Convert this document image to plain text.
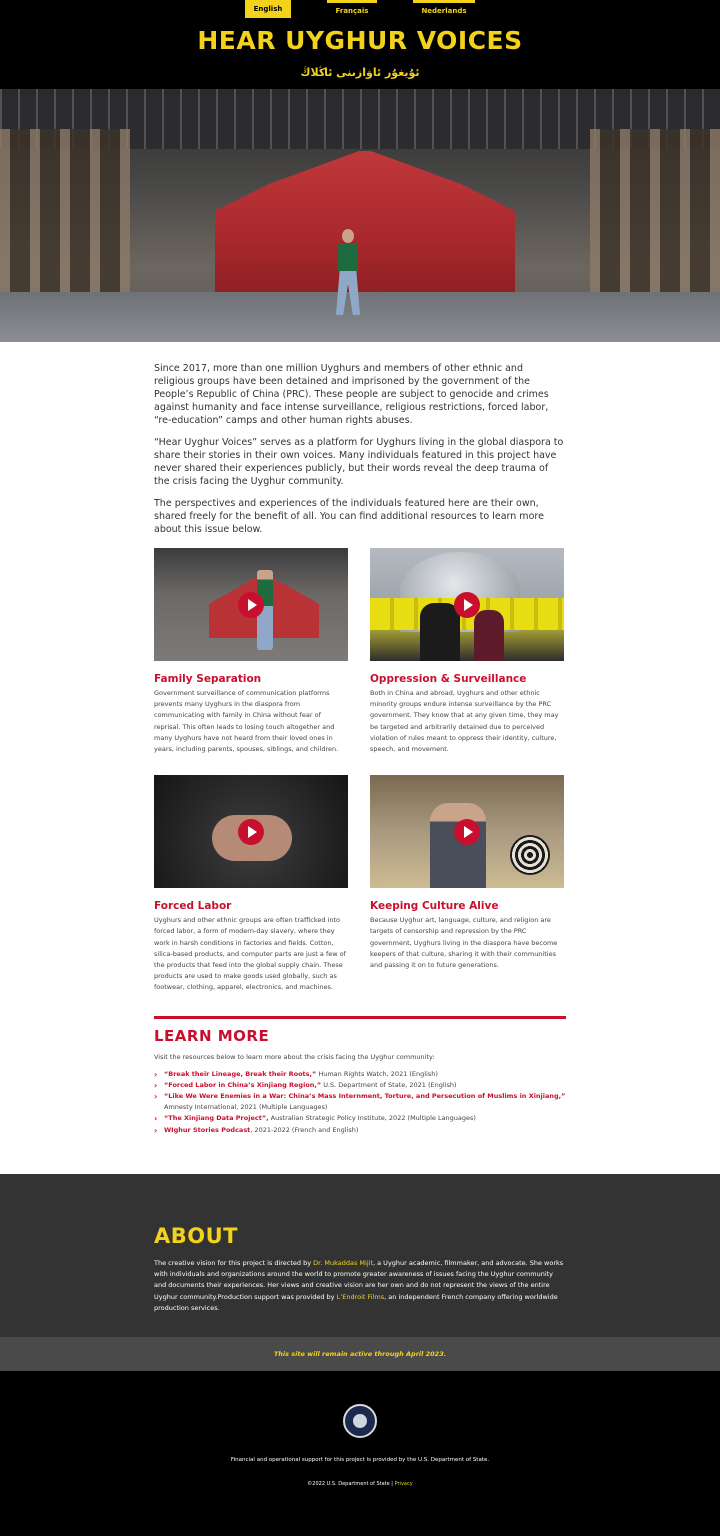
English	Français	Nederlands
HEAR UYGHUR VOICES
ئۇيغۇر ئاۋازىنى ئاڭلاڭ

Since 2017, more than one million Uyghurs and members of other ethnic and religious groups have been detained and imprisoned by the government of the People’s Republic of China (PRC). These people are subject to genocide and crimes against humanity and face intense surveillance, religious restrictions, forced labor, “re-education” camps and other human rights abuses.

“Hear Uyghur Voices” serves as a platform for Uyghurs living in the global diaspora to share their stories in their own voices. Many individuals featured in this project have never shared their experiences publicly, but their words reveal the deep trauma of the crisis facing the Uyghur community.

The perspectives and experiences of the individuals featured here are their own, shared freely for the benefit of all. You can find additional resources to learn more about this issue below.

Family Separation

Government surveillance of communication platforms prevents many Uyghurs in the diaspora from communicating with family in China without fear of reprisal. This often leads to losing touch altogether and many Uyghurs have not heard from their loved ones in years, including parents, spouses, siblings, and children.

Oppression & Surveillance

Both in China and abroad, Uyghurs and other ethnic minority groups endure intense surveillance by the PRC government. They know that at any given time, they may be targeted and arbitrarily detained due to perceived violation of rules meant to oppress their identity, culture, speech, and movement.

Forced Labor

Uyghurs and other ethnic groups are often trafficked into forced labor, a form of modern-day slavery, where they work in harsh conditions in factories and fields. Cotton, silica-based products, and computer parts are just a few of the products that feed into the global supply chain. These products are used to make goods used globally, such as footwear, clothing, apparel, electronics, and machines.

Keeping Culture Alive

Because Uyghur art, language, culture, and religion are targets of censorship and repression by the PRC government, Uyghurs living in the diaspora have become keepers of that culture, sharing it with their communities and passing it on to future generations.

LEARN MORE
Visit the resources below to learn more about the crisis facing the Uyghur community:
› “Break their Lineage, Break their Roots,” Human Rights Watch, 2021 (English)
› “Forced Labor in China’s Xinjiang Region,” U.S. Department of State, 2021 (English)
› “Like We Were Enemies in a War: China’s Mass Internment, Torture, and Persecution of Muslims in Xinjiang,” Amnesty International, 2021 (Multiple Languages)
› “The Xinjiang Data Project”, Australian Strategic Policy Institute, 2022 (Multiple Languages)
› WIghur Stories Podcast, 2021-2022 (French and English)
ABOUT

The creative vision for this project is directed by Dr. Mukaddas Mijit, a Uyghur academic, filmmaker, and advocate. She works with individuals and organizations around the world to promote greater awareness of issues facing the Uyghur community and documents their experiences. Her views and creative vision are her own and do not represent the views of the entire Uyghur community.Production support was provided by L’Endroit Films, an independent French company offering worldwide production services.

This site will remain active through April 2023.
Financial and operational support for this project is provided by the U.S. Department of State.
©2022 U.S. Department of State | Privacy
